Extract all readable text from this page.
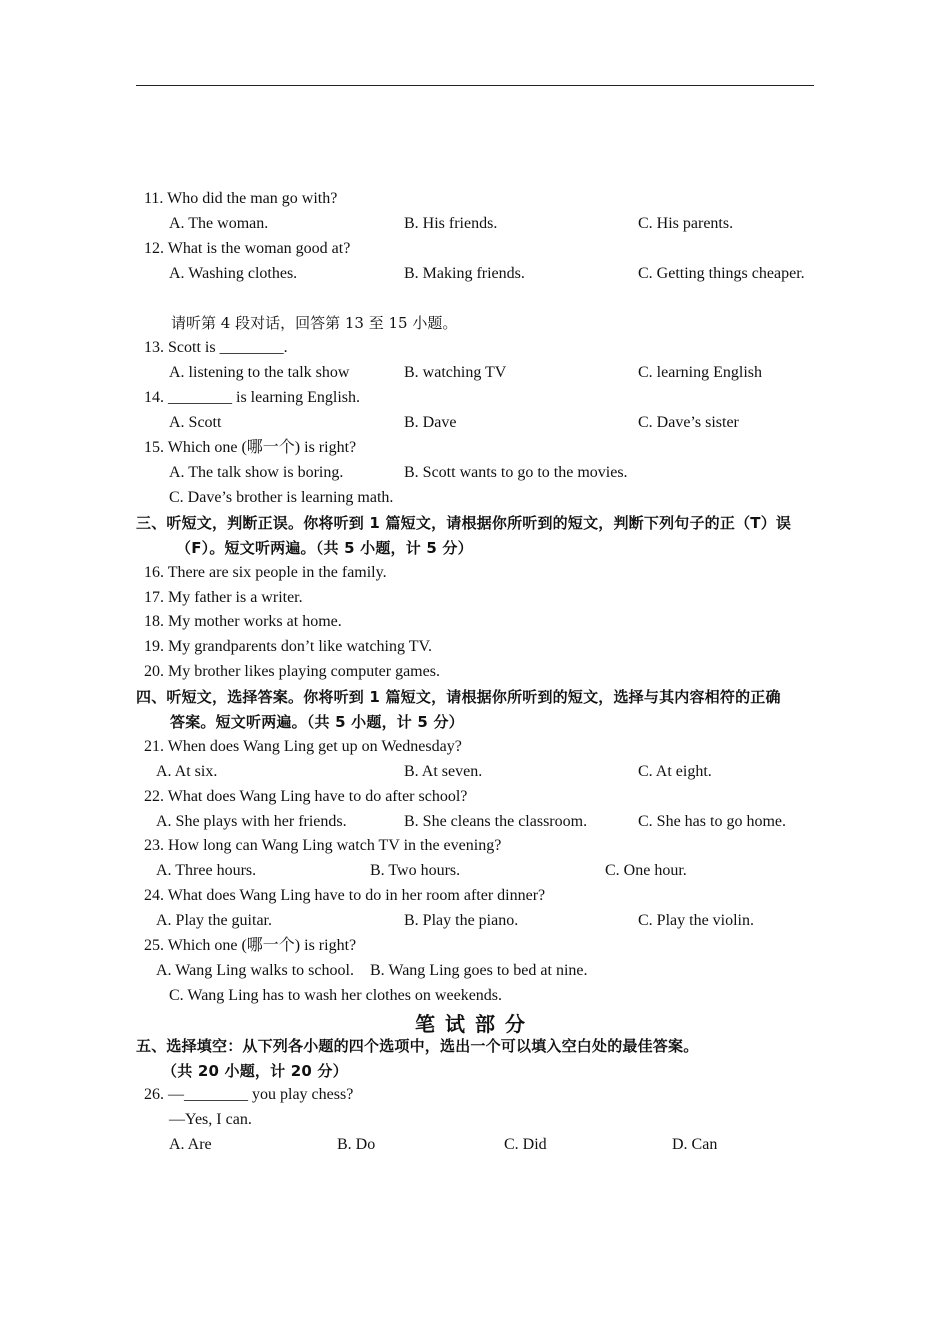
11. Who did the man go with?
A. The woman.	B. His friends.	C. His parents.
12. What is the woman good at?
A. Washing clothes.	B. Making friends.	C. Getting things cheaper.
请听第 4 段对话，回答第 13 至 15 小题。
13. Scott is ________.
A. listening to the talk show	B. watching TV	C. learning English
14. ________ is learning English.
A. Scott	B. Dave	C. Dave’s sister
15. Which one (哪一个) is right?
A. The talk show is boring.	B. Scott wants to go to the movies.
C. Dave’s brother is learning math.
三、听短文，判断正误。你将听到 1 篇短文，请根据你所听到的短文，判断下列句子的正（T）误
（F）。短文听两遍。（共 5 小题，计 5 分）
16. There are six people in the family.
17. My father is a writer.
18. My mother works at home.
19. My grandparents don’t like watching TV.
20. My brother likes playing computer games.
四、听短文，选择答案。你将听到 1 篇短文，请根据你所听到的短文，选择与其内容相符的正确
答案。短文听两遍。（共 5 小题，计 5 分）
21. When does Wang Ling get up on Wednesday?
A. At six.	B. At seven.	C. At eight.
22. What does Wang Ling have to do after school?
A. She plays with her friends.	B. She cleans the classroom.	C. She has to go home.
23. How long can Wang Ling watch TV in the evening?
A. Three hours.	B. Two hours.	C. One hour.
24. What does Wang Ling have to do in her room after dinner?
A. Play the guitar.	B. Play the piano.	C. Play the violin.
25. Which one (哪一个) is right?
A. Wang Ling walks to school. B. Wang Ling goes to bed at nine.
C. Wang Ling has to wash her clothes on weekends.
笔试部分
五、选择填空：从下列各小题的四个选项中，选出一个可以填入空白处的最佳答案。
（共 20 小题，计 20 分）
26. —________ you play chess?
—Yes, I can.
A. Are	B. Do	C. Did	D. Can
